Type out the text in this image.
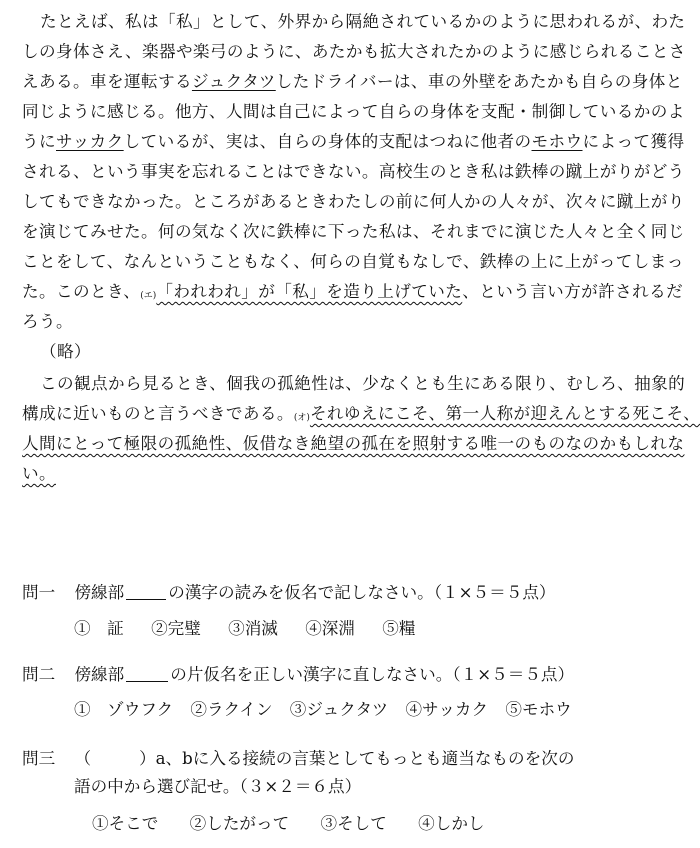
たとえば、私は「私」として、外界から隔絶されているかのように思われるが、わた
しの身体さえ、楽器や楽弓のように、あたかも拡大されたかのように感じられることさ
えある。車を運転するジュクタツしたドライバーは、車の外壁をあたかも自らの身体と
同じように感じる。他方、人間は自己によって自らの身体を支配・制御しているかのよ
うにサッカクしているが、実は、自らの身体的支配はつねに他者のモホウによって獲得
される、という事実を忘れることはできない。高校生のとき私は鉄棒の蹴上がりがどう
してもできなかった。ところがあるときわたしの前に何人かの人々が、次々に蹴上がり
を演じてみせた。何の気なく次に鉄棒に下った私は、それまでに演じた人々と全く同じ
ことをして、なんということもなく、何らの自覚もなしで、鉄棒の上に上がってしまっ
た。このとき、(エ)「われわれ」が「私」を造り上げていた、という言い方が許されるだ
ろう。
（略）
この観点から見るとき、個我の孤絶性は、少なくとも生にある限り、むしろ、抽象的
構成に近いものと言うべきである。(オ)それゆえにこそ、第一人称が迎えんとする死こそ、
人間にとって極限の孤絶性、仮借なき絶望の孤在を照射する唯一のものなのかもしれな
い。
問一 傍線部	の漢字の読みを仮名で記しなさい。（１×５＝５点）
①　証 ②完璧 ③消滅 ④深淵 ⑤糧
問二 傍線部	の片仮名を正しい漢字に直しなさい。（１×５＝５点）
①　ゾウフク ②ラクイン ③ジュクタツ ④サッカク ⑤モホウ
問三 （	）a、bに入る接続の言葉としてもっとも適当なものを次の
語の中から選び記せ。（３×２＝６点）
①そこで ②したがって ③そして ④しかし
